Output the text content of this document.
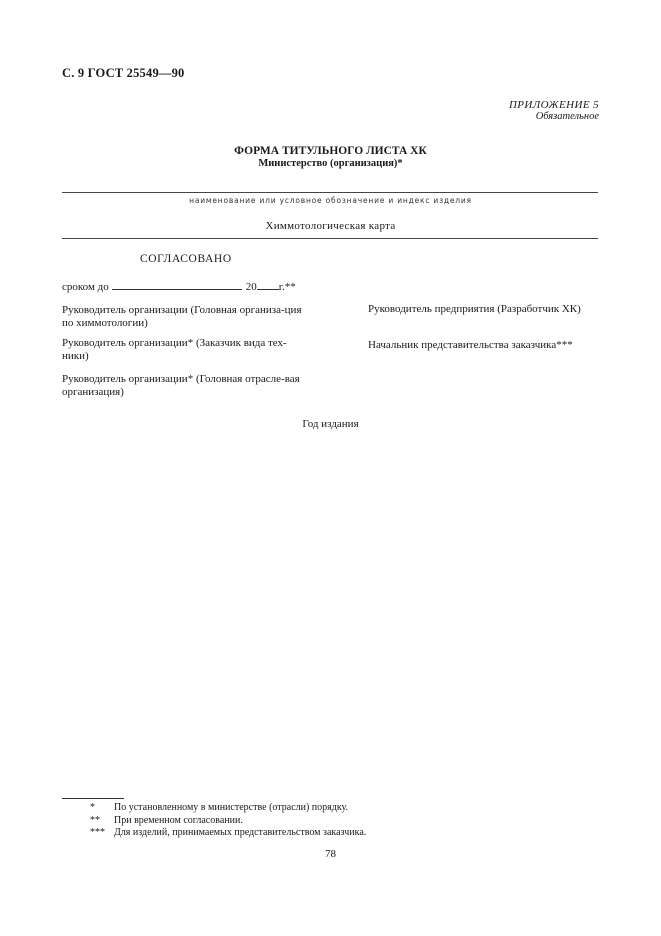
С. 9 ГОСТ 25549—90
ПРИЛОЖЕНИЕ 5
Обязательное
ФОРМА ТИТУЛЬНОГО ЛИСТА ХК
Министерство (организация)*
наименование или условное обозначение и индекс изделия
Химмотологическая карта
СОГЛАСОВАНО
сроком до	20 г.**
Руководитель организации (Головная организа-ция по химмотологии)
Руководитель организации* (Заказчик вида тех-ники)
Руководитель организации* (Головная отрасле-вая организация)
Руководитель предприятия (Разработчик ХК)
Начальник представительства заказчика***
Год издания
* По установленному в министерстве (отрасли) порядку.
** При временном согласовании.
*** Для изделий, принимаемых представительством заказчика.
78
